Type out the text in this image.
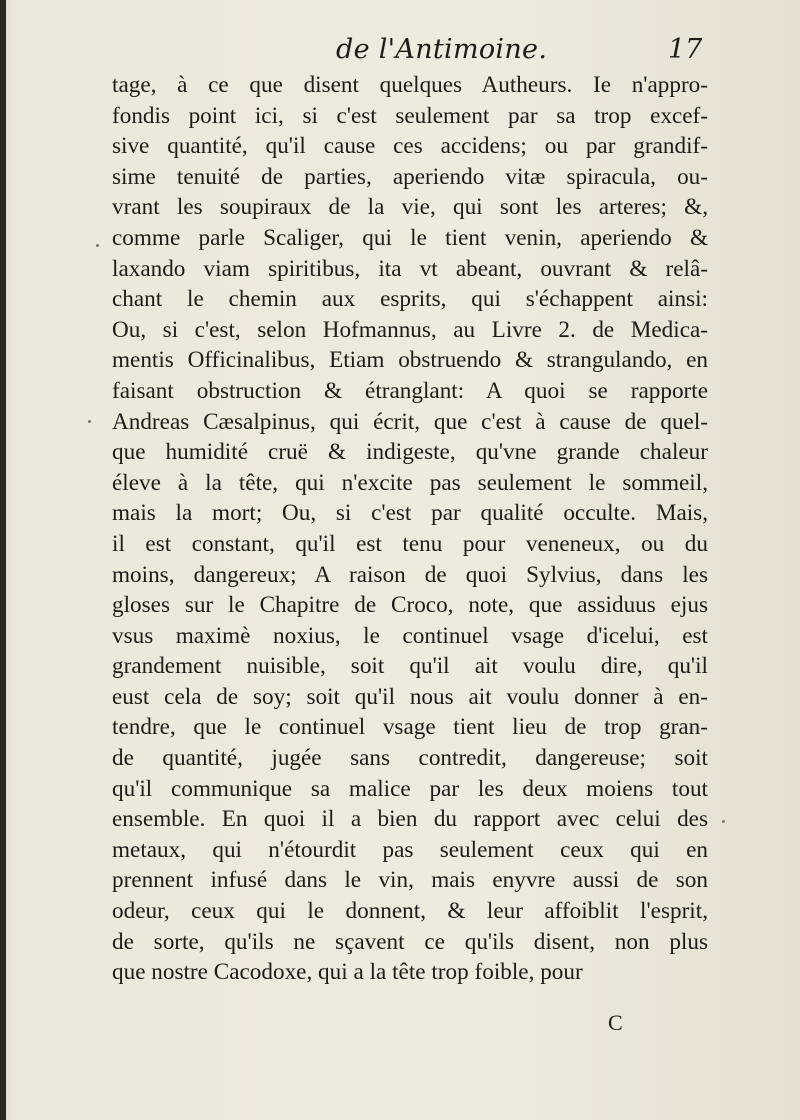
de l'Antimoine.	17
tage, à ce que disent quelques Autheurs. Ie n'appro-
fondis point ici, si c'est seulement par sa trop excef-
sive quantité, qu'il cause ces accidens; ou par grandif-
sime tenuité de parties, aperiendo vitæ spiracula, ou-
vrant les soupiraux de la vie, qui sont les arteres; &,
comme parle Scaliger, qui le tient venin, aperiendo &
laxando viam spiritibus, ita vt abeant, ouvrant & relâ-
chant le chemin aux esprits, qui s'échappent ainsi:
Ou, si c'est, selon Hofmannus, au Livre 2. de Medica-
mentis Officinalibus, Etiam obstruendo & strangulando, en
faisant obstruction & étranglant: A quoi se rapporte
Andreas Cæsalpinus, qui écrit, que c'est à cause de quel-
que humidité cruë & indigeste, qu'vne grande chaleur
éleve à la tête, qui n'excite pas seulement le sommeil,
mais la mort; Ou, si c'est par qualité occulte. Mais,
il est constant, qu'il est tenu pour veneneux, ou du
moins, dangereux; A raison de quoi Sylvius, dans les
gloses sur le Chapitre de Croco, note, que assiduus ejus
vsus maximè noxius, le continuel vsage d'icelui, est
grandement nuisible, soit qu'il ait voulu dire, qu'il
eust cela de soy; soit qu'il nous ait voulu donner à en-
tendre, que le continuel vsage tient lieu de trop gran-
de quantité, jugée sans contredit, dangereuse; soit
qu'il communique sa malice par les deux moiens tout
ensemble. En quoi il a bien du rapport avec celui des
metaux, qui n'étourdit pas seulement ceux qui en
prennent infusé dans le vin, mais enyvre aussi de son
odeur, ceux qui le donnent, & leur affoiblit l'esprit,
de sorte, qu'ils ne sçavent ce qu'ils disent, non plus
que nostre Cacodoxe, qui a la tête trop foible, pour
C
